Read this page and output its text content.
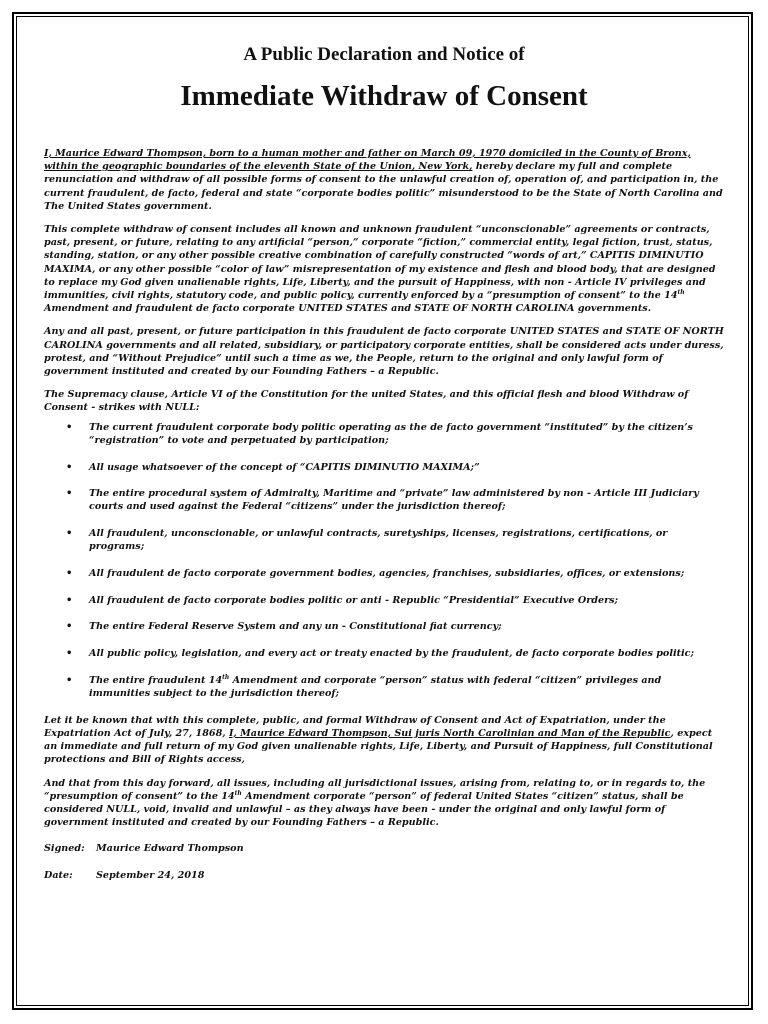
A Public Declaration and Notice of
Immediate Withdraw of Consent

I, Maurice Edward Thompson, born to a human mother and father on March 09, 1970 domiciled in the County of Bronx, within the geographic boundaries of the eleventh State of the Union, New York, hereby declare my full and complete renunciation and withdraw of all possible forms of consent to the unlawful creation of, operation of, and participation in, the current fraudulent, de facto, federal and state “corporate bodies politic” misunderstood to be the State of North Carolina and The United States government.

This complete withdraw of consent includes all known and unknown fraudulent “unconscionable” agreements or contracts, past, present, or future, relating to any artificial “person,” corporate “fiction,” commercial entity, legal fiction, trust, status, standing, station, or any other possible creative combination of carefully constructed “words of art,” CAPITIS DIMINUTIO MAXIMA, or any other possible “color of law” misrepresentation of my existence and flesh and blood body, that are designed to replace my God given unalienable rights, Life, Liberty, and the pursuit of Happiness, with non - Article IV privileges and immunities, civil rights, statutory code, and public policy, currently enforced by a “presumption of consent” to the 14th Amendment and fraudulent de facto corporate UNITED STATES and STATE OF NORTH CAROLINA governments.

Any and all past, present, or future participation in this fraudulent de facto corporate UNITED STATES and STATE OF NORTH CAROLINA governments and all related, subsidiary, or participatory corporate entities, shall be considered acts under duress, protest, and “Without Prejudice” until such a time as we, the People, return to the original and only lawful form of government instituted and created by our Founding Fathers – a Republic.

The Supremacy clause, Article VI of the Constitution for the united States, and this official flesh and blood Withdraw of Consent - strikes with NULL:

• The current fraudulent corporate body politic operating as the de facto government “instituted” by the citizen’s “registration” to vote and perpetuated by participation;
• All usage whatsoever of the concept of “CAPITIS DIMINUTIO MAXIMA;”
• The entire procedural system of Admiralty, Maritime and “private” law administered by non - Article III Judiciary courts and used against the Federal “citizens” under the jurisdiction thereof;
• All fraudulent, unconscionable, or unlawful contracts, suretyships, licenses, registrations, certifications, or programs;
• All fraudulent de facto corporate government bodies, agencies, franchises, subsidiaries, offices, or extensions;
• All fraudulent de facto corporate bodies politic or anti - Republic “Presidential” Executive Orders;
• The entire Federal Reserve System and any un - Constitutional fiat currency;
• All public policy, legislation, and every act or treaty enacted by the fraudulent, de facto corporate bodies politic;
• The entire fraudulent 14th Amendment and corporate “person” status with federal “citizen” privileges and immunities subject to the jurisdiction thereof;

Let it be known that with this complete, public, and formal Withdraw of Consent and Act of Expatriation, under the Expatriation Act of July, 27, 1868, I, Maurice Edward Thompson, Sui juris North Carolinian and Man of the Republic, expect an immediate and full return of my God given unalienable rights, Life, Liberty, and Pursuit of Happiness, full Constitutional protections and Bill of Rights access,

And that from this day forward, all issues, including all jurisdictional issues, arising from, relating to, or in regards to, the “presumption of consent” to the 14th Amendment corporate “person” of federal United States “citizen” status, shall be considered NULL, void, invalid and unlawful – as they always have been - under the original and only lawful form of government instituted and created by our Founding Fathers – a Republic.

Signed: Maurice Edward Thompson
Date: September 24, 2018
